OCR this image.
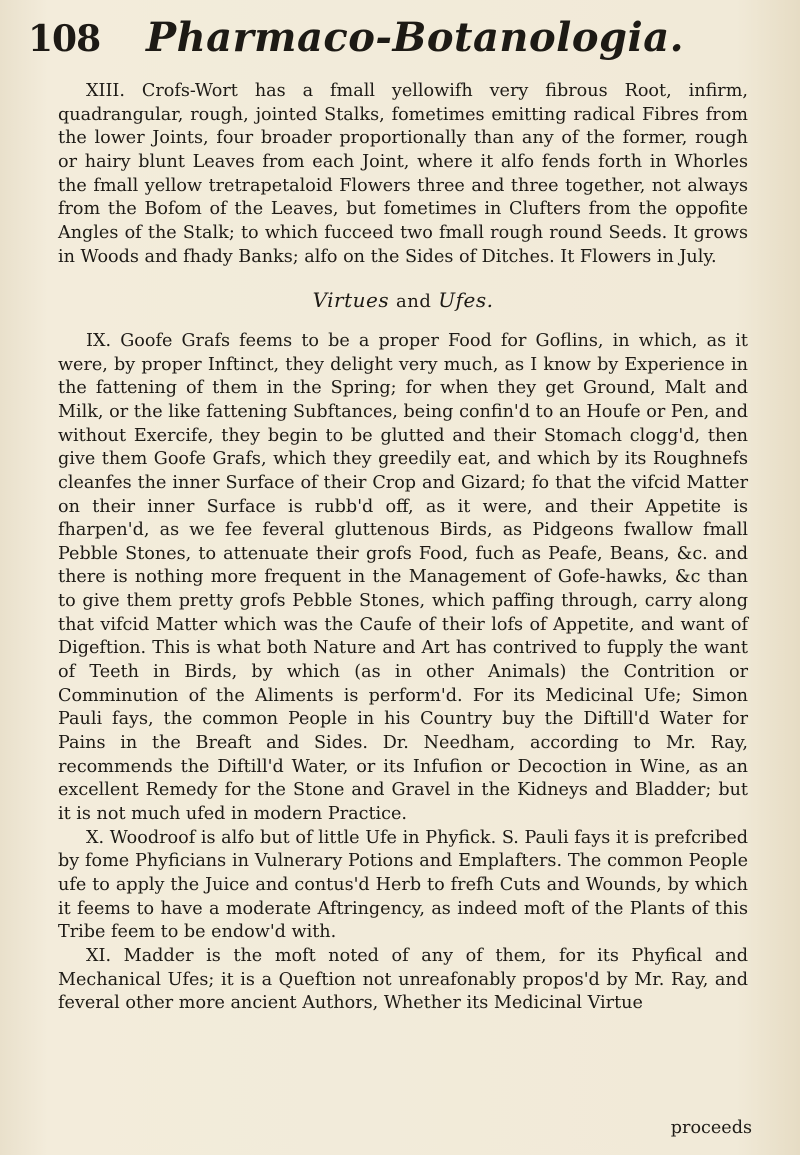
108 Pharmaco-Botanologia.

XIII. Crofs-Wort has a fmall yellowifh very fibrous Root, infirm, quadrangular, rough, jointed Stalks, fometimes emitting radical Fibres from the lower Joints, four broader proportionally than any of the former, rough or hairy blunt Leaves from each Joint, where it alfo fends forth in Whorles the fmall yellow tretrapetaloid Flowers three and three together, not always from the Bofom of the Leaves, but fometimes in Clufters from the oppofite Angles of the Stalk; to which fucceed two fmall rough round Seeds. It grows in Woods and fhady Banks; alfo on the Sides of Ditches. It Flowers in July.

Virtues and Ufes.

IX. Goofe Grafs feems to be a proper Food for Goflins, in which, as it were, by proper Inftinct, they delight very much, as I know by Experience in the fattening of them in the Spring; for when they get Ground, Malt and Milk, or the like fattening Subftances, being confin'd to an Houfe or Pen, and without Exercife, they begin to be glutted and their Stomach clogg'd, then give them Goofe Grafs, which they greedily eat, and which by its Roughnefs cleanfes the inner Surface of their Crop and Gizard; fo that the vifcid Matter on their inner Surface is rubb'd off, as it were, and their Appetite is fharpen'd, as we fee feveral gluttenous Birds, as Pidgeons fwallow fmall Pebble Stones, to attenuate their grofs Food, fuch as Peafe, Beans, &c. and there is nothing more frequent in the Management of Gofe-hawks, &c than to give them pretty grofs Pebble Stones, which paffing through, carry along that vifcid Matter which was the Caufe of their lofs of Appetite, and want of Digeftion. This is what both Nature and Art has contrived to fupply the want of Teeth in Birds, by which (as in other Animals) the Contrition or Comminution of the Aliments is perform'd. For its Medicinal Ufe; Simon Pauli fays, the common People in his Country buy the Diftill'd Water for Pains in the Breaft and Sides. Dr. Needham, according to Mr. Ray, recommends the Diftill'd Water, or its Infufion or Decoction in Wine, as an excellent Remedy for the Stone and Gravel in the Kidneys and Bladder; but it is not much ufed in modern Practice.

X. Woodroof is alfo but of little Ufe in Phyfick. S. Pauli fays it is prefcribed by fome Phyficians in Vulnerary Potions and Emplafters. The common People ufe to apply the Juice and contus'd Herb to frefh Cuts and Wounds, by which it feems to have a moderate Aftringency, as indeed moft of the Plants of this Tribe feem to be endow'd with.

XI. Madder is the moft noted of any of them, for its Phyfical and Mechanical Ufes; it is a Queftion not unreafonably propos'd by Mr. Ray, and feveral other more ancient Authors, Whether its Medicinal Virtue

proceeds
